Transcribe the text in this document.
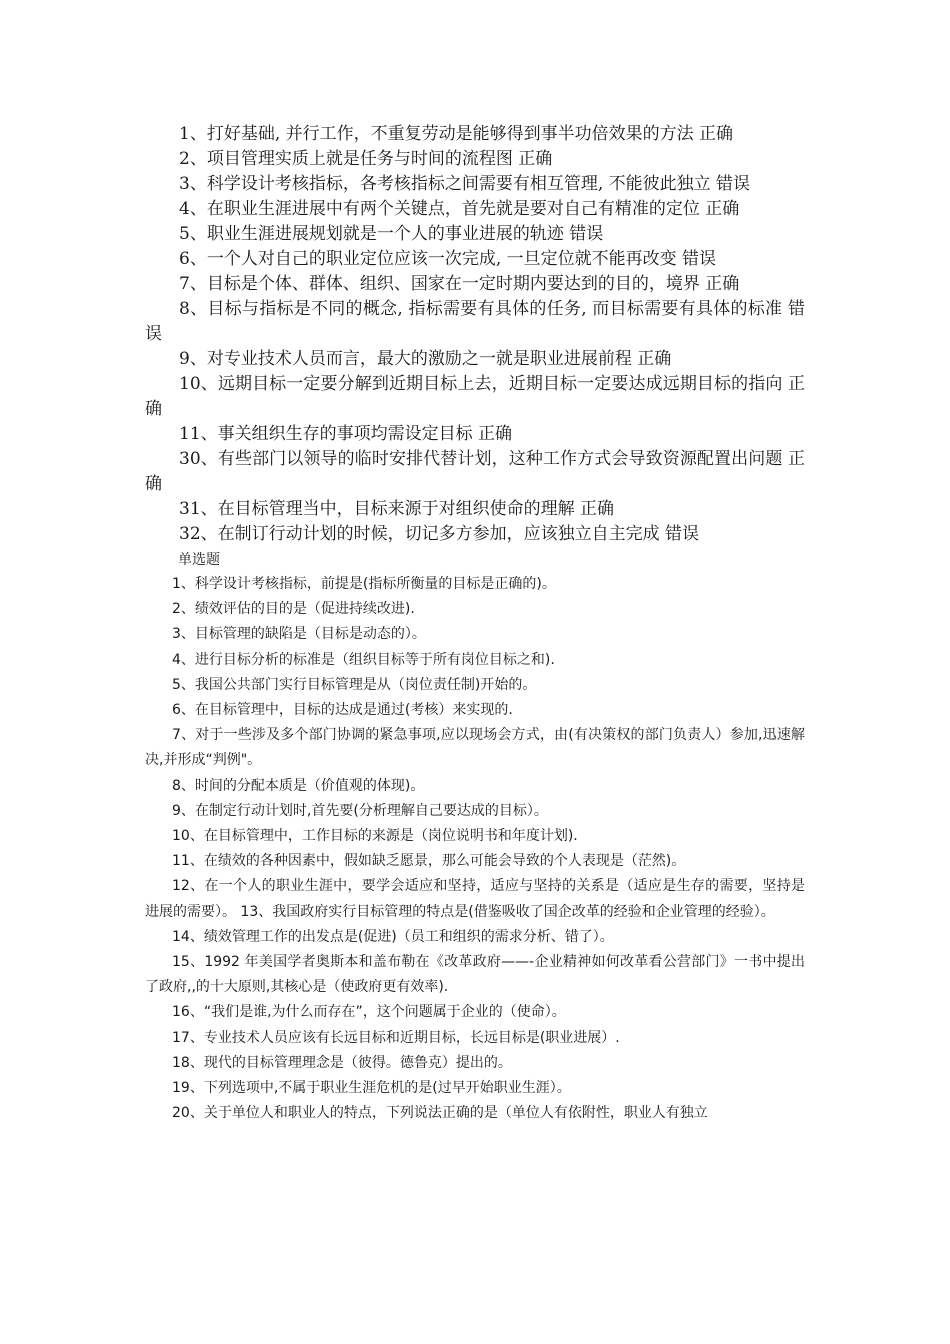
1、打好基础, 并行工作，不重复劳动是能够得到事半功倍效果的方法 正确

2、项目管理实质上就是任务与时间的流程图 正确

3、科学设计考核指标，各考核指标之间需要有相互管理, 不能彼此独立 错误

4、在职业生涯进展中有两个关键点，首先就是要对自己有精准的定位 正确

5、职业生涯进展规划就是一个人的事业进展的轨迹 错误

6、一个人对自己的职业定位应该一次完成, 一旦定位就不能再改变 错误

7、目标是个体、群体、组织、国家在一定时期内要达到的目的，境界 正确

8、目标与指标是不同的概念, 指标需要有具体的任务, 而目标需要有具体的标准 错误

9、对专业技术人员而言，最大的激励之一就是职业进展前程 正确

10、远期目标一定要分解到近期目标上去，近期目标一定要达成远期目标的指向 正确

11、事关组织生存的事项均需设定目标 正确

30、有些部门以领导的临时安排代替计划，这种工作方式会导致资源配置出问题 正确

31、在目标管理当中，目标来源于对组织使命的理解 正确

32、在制订行动计划的时候，切记多方参加，应该独立自主完成 错误

单选题

1、科学设计考核指标，前提是(指标所衡量的目标是正确的)。

2、绩效评估的目的是（促进持续改进).

3、目标管理的缺陷是（目标是动态的）。

4、进行目标分析的标准是（组织目标等于所有岗位目标之和).

5、我国公共部门实行目标管理是从（岗位责任制)开始的。

6、在目标管理中，目标的达成是通过(考核）来实现的.

7、对于一些涉及多个部门协调的紧急事项,应以现场会方式，由(有决策权的部门负责人）参加,迅速解决,并形成“判例"。

8、时间的分配本质是（价值观的体现)。

9、在制定行动计划时,首先要(分析理解自己要达成的目标）。

10、在目标管理中，工作目标的来源是（岗位说明书和年度计划).

11、在绩效的各种因素中，假如缺乏愿景，那么可能会导致的个人表现是（茫然)。

12、在一个人的职业生涯中，要学会适应和坚持，适应与坚持的关系是（适应是生存的需要，坚持是进展的需要）。 13、我国政府实行目标管理的特点是(借鉴吸收了国企改革的经验和企业管理的经验）。

14、绩效管理工作的出发点是(促进)（员工和组织的需求分析、错了）。

15、1992 年美国学者奥斯本和盖布勒在《改革政府——-企业精神如何改革看公营部门》一书中提出了政府,,的十大原则,其核心是（使政府更有效率).

16、“我们是谁,为什么而存在”，这个问题属于企业的（使命）。

17、专业技术人员应该有长远目标和近期目标，长远目标是(职业进展）.

18、现代的目标管理理念是（彼得。德鲁克）提出的。

19、下列选项中,不属于职业生涯危机的是(过早开始职业生涯）。

20、关于单位人和职业人的特点，下列说法正确的是（单位人有依附性，职业人有独立
